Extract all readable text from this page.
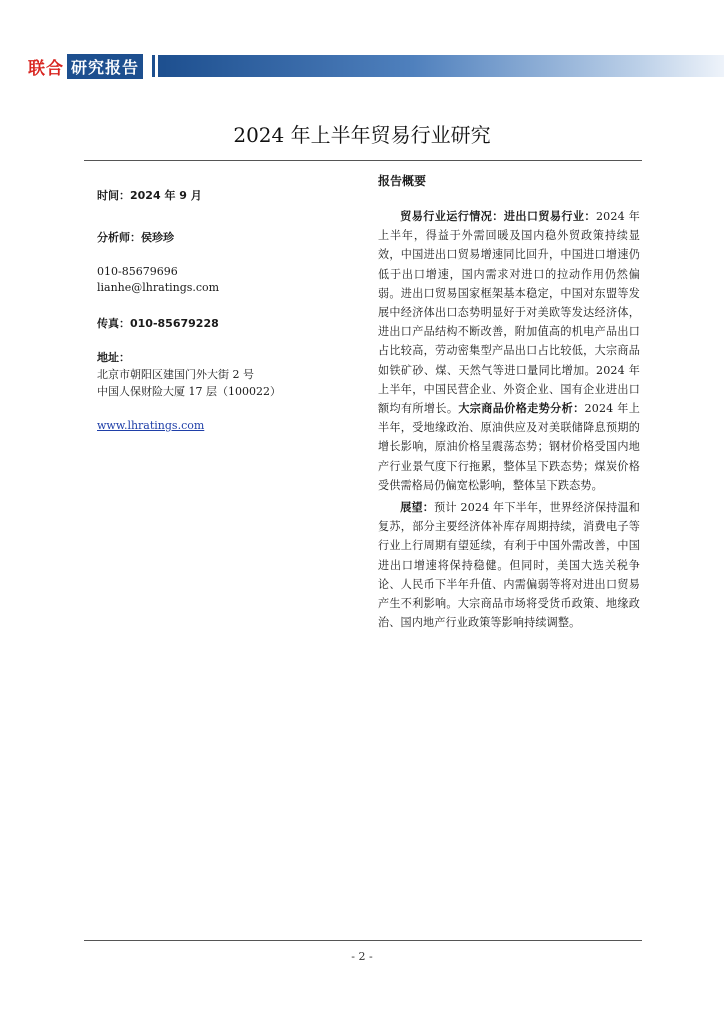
联合 研究报告
2024 年上半年贸易行业研究
时间：2024 年 9 月
分析师：侯珍珍
010-85679696
lianhe@lhratings.com
传真：010-85679228
地址：
北京市朝阳区建国门外大街 2 号
中国人保财险大厦 17 层（100022）
www.lhratings.com
报告概要

贸易行业运行情况：进出口贸易行业：2024 年上半年，得益于外需回暖及国内稳外贸政策持续显效，中国进出口贸易增速同比回升，中国进口增速仍低于出口增速，国内需求对进口的拉动作用仍然偏弱。进出口贸易国家框架基本稳定，中国对东盟等发展中经济体出口态势明显好于对美欧等发达经济体，进出口产品结构不断改善，附加值高的机电产品出口占比较高，劳动密集型产品出口占比较低，大宗商品如铁矿砂、煤、天然气等进口量同比增加。2024 年上半年，中国民营企业、外资企业、国有企业进出口额均有所增长。大宗商品价格走势分析：2024 年上半年，受地缘政治、原油供应及对美联储降息预期的增长影响，原油价格呈震荡态势；钢材价格受国内地产行业景气度下行拖累，整体呈下跌态势；煤炭价格受供需格局仍偏宽松影响，整体呈下跌态势。

展望：预计 2024 年下半年，世界经济保持温和复苏，部分主要经济体补库存周期持续，消费电子等行业上行周期有望延续，有利于中国外需改善，中国进出口增速将保持稳健。但同时，美国大选关税争论、人民币下半年升值、内需偏弱等将对进出口贸易产生不利影响。大宗商品市场将受货币政策、地缘政治、国内地产行业政策等影响持续调整。

- 2 -
